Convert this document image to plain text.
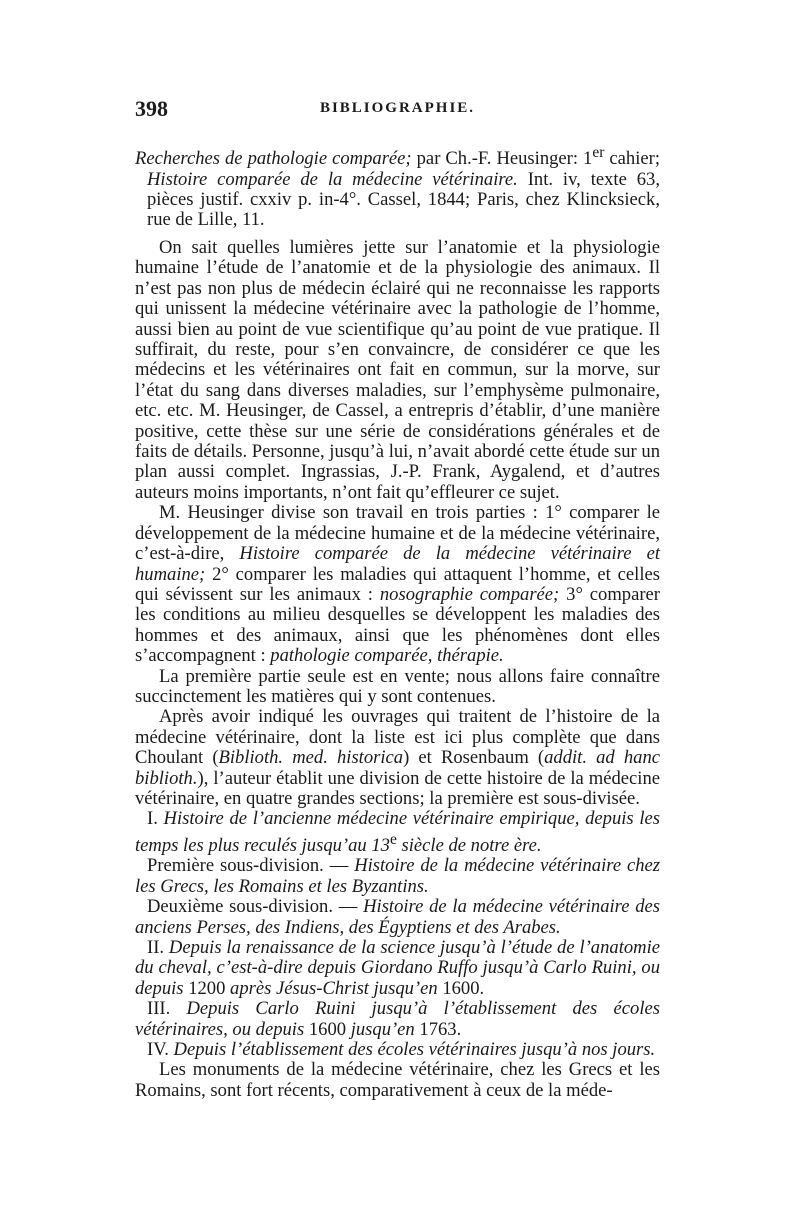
398	BIBLIOGRAPHIE.

Recherches de pathologie comparée; par Ch.-F. Heusinger: 1er cahier; Histoire comparée de la médecine vétérinaire. Int. iv, texte 63, pièces justif. cxxiv p. in-4°. Cassel, 1844; Paris, chez Klincksieck, rue de Lille, 11.

On sait quelles lumières jette sur l’anatomie et la physiologie humaine l’étude de l’anatomie et de la physiologie des animaux. Il n’est pas non plus de médecin éclairé qui ne reconnaisse les rapports qui unissent la médecine vétérinaire avec la pathologie de l’homme, aussi bien au point de vue scientifique qu’au point de vue pratique. Il suffirait, du reste, pour s’en convaincre, de considérer ce que les médecins et les vétérinaires ont fait en commun, sur la morve, sur l’état du sang dans diverses maladies, sur l’emphysème pulmonaire, etc. etc. M. Heusinger, de Cassel, a entrepris d’établir, d’une manière positive, cette thèse sur une série de considérations générales et de faits de détails. Personne, jusqu’à lui, n’avait abordé cette étude sur un plan aussi complet. Ingrassias, J.-P. Frank, Aygalend, et d’autres auteurs moins importants, n’ont fait qu’effleurer ce sujet.

M. Heusinger divise son travail en trois parties : 1° comparer le développement de la médecine humaine et de la médecine vétérinaire, c’est-à-dire, Histoire comparée de la médecine vétérinaire et humaine; 2° comparer les maladies qui attaquent l’homme, et celles qui sévissent sur les animaux : nosographie comparée; 3° comparer les conditions au milieu desquelles se développent les maladies des hommes et des animaux, ainsi que les phénomènes dont elles s’accompagnent : pathologie comparée, thérapie.

La première partie seule est en vente; nous allons faire connaître succinctement les matières qui y sont contenues.

Après avoir indiqué les ouvrages qui traitent de l’histoire de la médecine vétérinaire, dont la liste est ici plus complète que dans Choulant (Biblioth. med. historica) et Rosenbaum (addit. ad hanc biblioth.), l’auteur établit une division de cette histoire de la médecine vétérinaire, en quatre grandes sections; la première est sous-divisée.

I. Histoire de l’ancienne médecine vétérinaire empirique, depuis les temps les plus reculés jusqu’au 13e siècle de notre ère.

Première sous-division. — Histoire de la médecine vétérinaire chez les Grecs, les Romains et les Byzantins.

Deuxième sous-division. — Histoire de la médecine vétérinaire des anciens Perses, des Indiens, des Égyptiens et des Arabes.

II. Depuis la renaissance de la science jusqu’à l’étude de l’anatomie du cheval, c’est-à-dire depuis Giordano Ruffo jusqu’à Carlo Ruini, ou depuis 1200 après Jésus-Christ jusqu’en 1600.

III. Depuis Carlo Ruini jusqu’à l’établissement des écoles vétérinaires, ou depuis 1600 jusqu’en 1763.

IV. Depuis l’établissement des écoles vétérinaires jusqu’à nos jours.

Les monuments de la médecine vétérinaire, chez les Grecs et les Romains, sont fort récents, comparativement à ceux de la méde-
